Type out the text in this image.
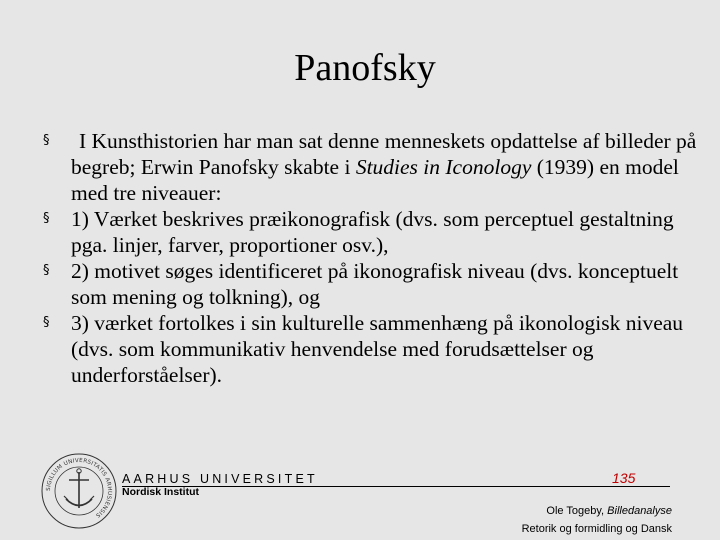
Panofsky
§ I Kunsthistorien har man sat denne menneskets opdattelse af billeder på begreb; Erwin Panofsky skabte i Studies in Iconology (1939) en model med tre niveauer:
§ 1) Værket beskrives præikonografisk (dvs. som perceptuel gestaltning pga. linjer, farver, proportioner osv.),
§ 2) motivet søges identificeret på ikonografisk niveau (dvs. konceptuelt som mening og tolkning), og
§ 3) værket fortolkes i sin kulturelle sammenhæng på ikonologisk niveau (dvs. som kommunikativ henvendelse med forudsættelser og underforståelser).
SIGILLUM UNIVERSITATIS ARHUSIENSIS
AARHUS UNIVERSITET
Nordisk Institut
135
Ole Togeby, Billedanalyse
Retorik og formidling og Dansk
